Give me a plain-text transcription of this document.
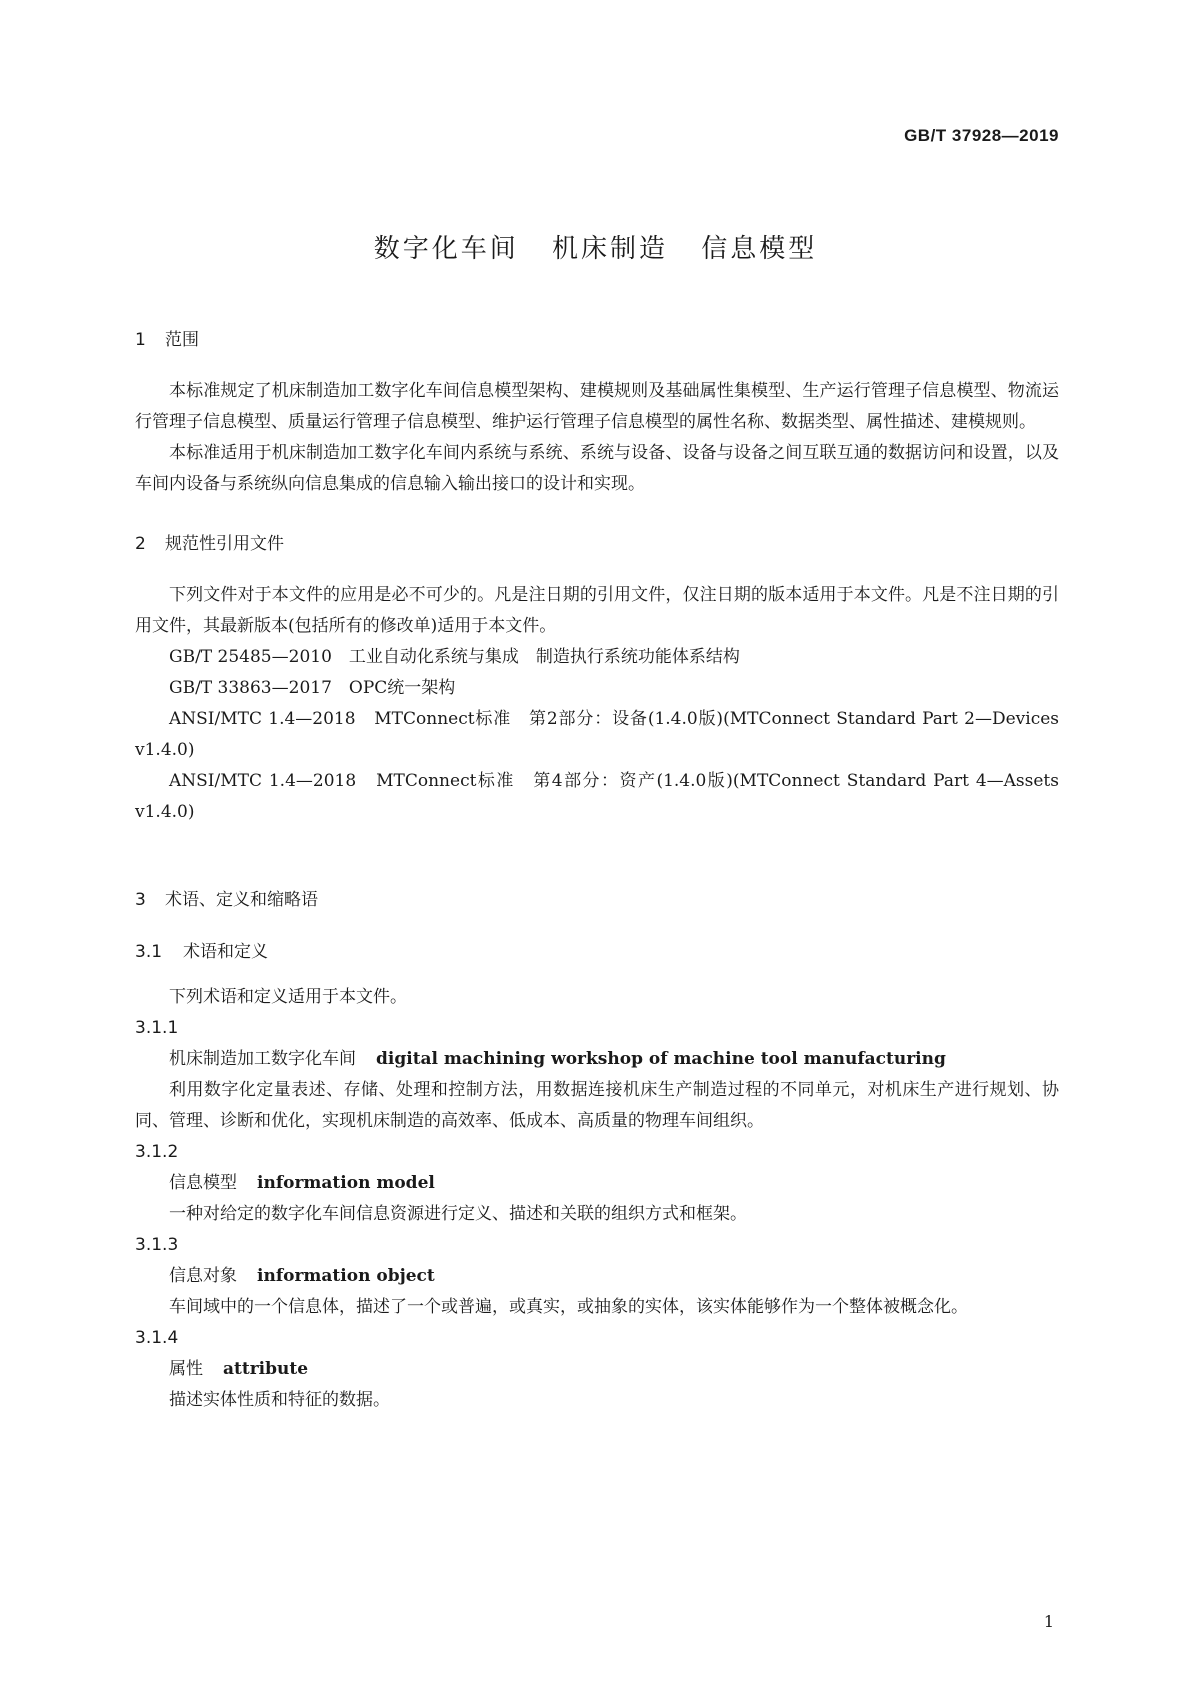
GB/T 37928—2019
数字化车间 机床制造 信息模型
1 范围

本标准规定了机床制造加工数字化车间信息模型架构、建模规则及基础属性集模型、生产运行管理子信息模型、物流运行管理子信息模型、质量运行管理子信息模型、维护运行管理子信息模型的属性名称、数据类型、属性描述、建模规则。

本标准适用于机床制造加工数字化车间内系统与系统、系统与设备、设备与设备之间互联互通的数据访问和设置，以及车间内设备与系统纵向信息集成的信息输入输出接口的设计和实现。

2 规范性引用文件

下列文件对于本文件的应用是必不可少的。凡是注日期的引用文件，仅注日期的版本适用于本文件。凡是不注日期的引用文件，其最新版本(包括所有的修改单)适用于本文件。

GB/T 25485—2010　工业自动化系统与集成　制造执行系统功能体系结构

GB/T 33863—2017　OPC统一架构

ANSI/MTC 1.4—2018　MTConnect标准　第2部分：设备(1.4.0版)(MTConnect Standard Part 2—Devices v1.4.0)

ANSI/MTC 1.4—2018　MTConnect标准　第4部分：资产(1.4.0版)(MTConnect Standard Part 4—Assets v1.4.0)

3 术语、定义和缩略语
3.1 术语和定义

下列术语和定义适用于本文件。

3.1.1
机床制造加工数字化车间 digital machining workshop of machine tool manufacturing

利用数字化定量表述、存储、处理和控制方法，用数据连接机床生产制造过程的不同单元，对机床生产进行规划、协同、管理、诊断和优化，实现机床制造的高效率、低成本、高质量的物理车间组织。

3.1.2
信息模型 information model

一种对给定的数字化车间信息资源进行定义、描述和关联的组织方式和框架。

3.1.3
信息对象 information object

车间域中的一个信息体，描述了一个或普遍，或真实，或抽象的实体，该实体能够作为一个整体被概念化。

3.1.4
属性 attribute

描述实体性质和特征的数据。

1
